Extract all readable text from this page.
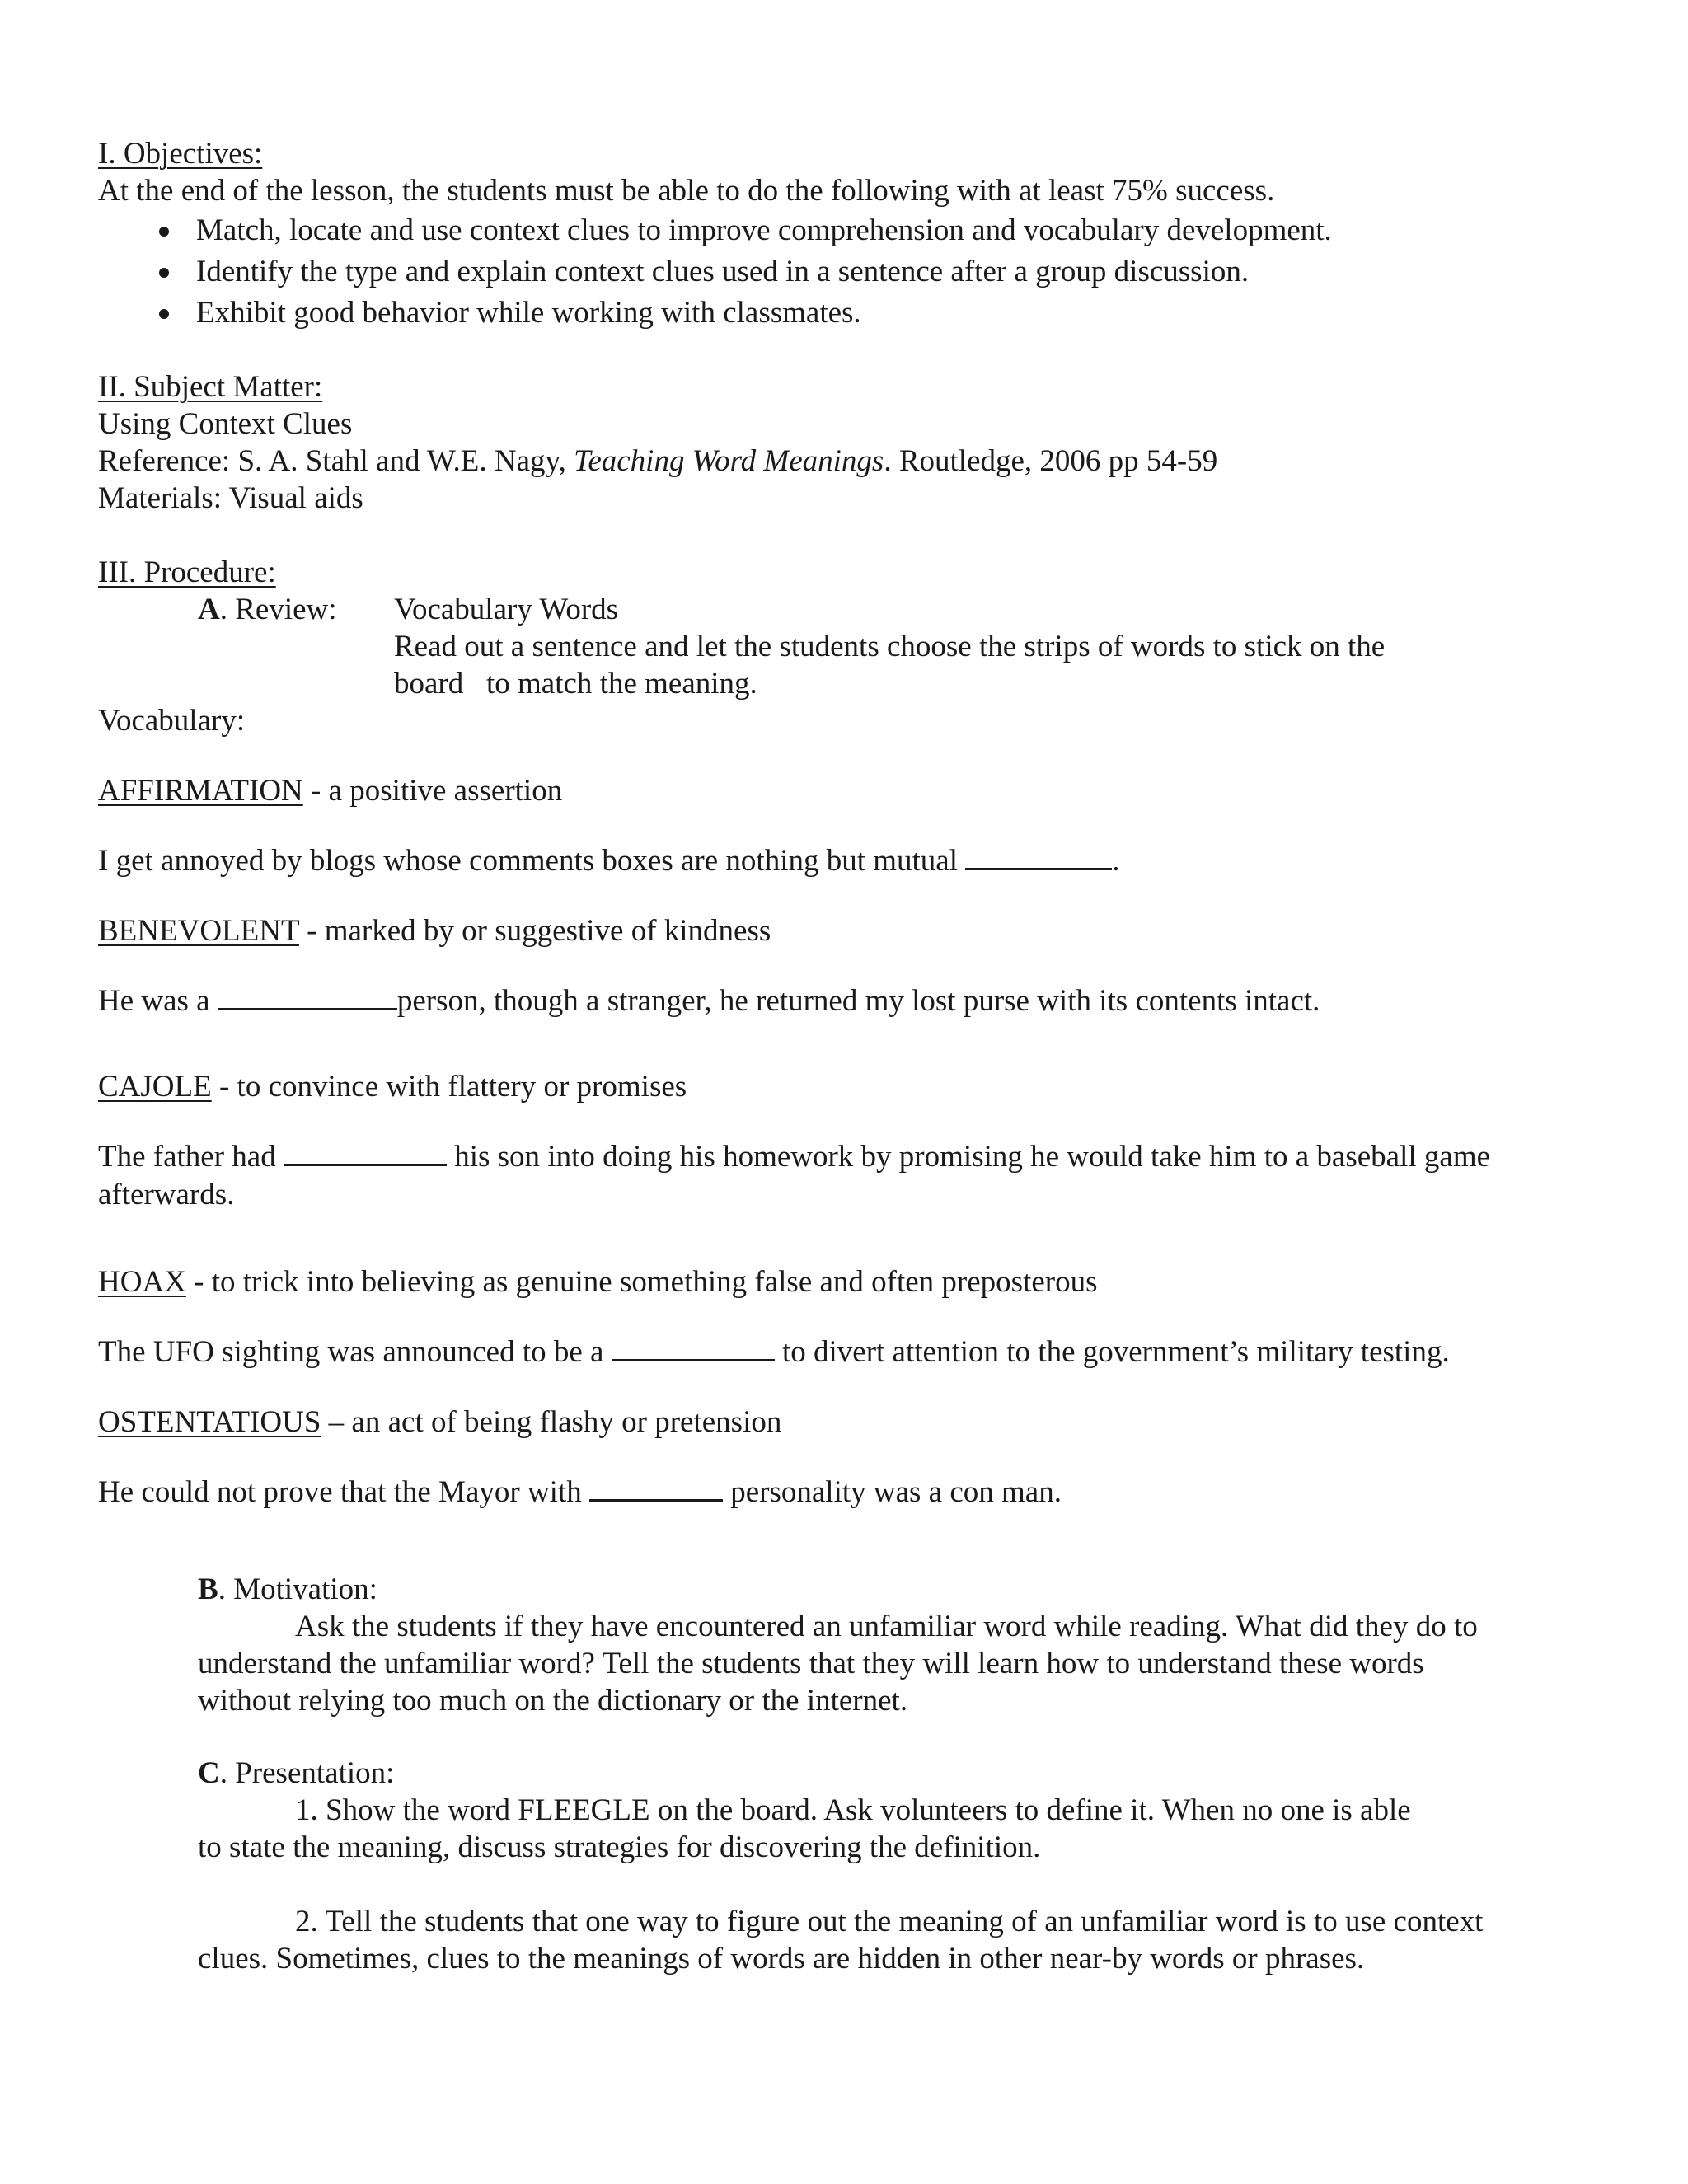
I. Objectives:
At the end of the lesson, the students must be able to do the following with at least 75% success.
Match, locate and use context clues to improve comprehension and vocabulary development.
Identify the type and explain context clues used in a sentence after a group discussion.
Exhibit good behavior while working with classmates.
II. Subject Matter:
Using Context Clues
Reference: S. A. Stahl and W.E. Nagy, Teaching Word Meanings. Routledge, 2006 pp 54-59
Materials: Visual aids
III. Procedure:
A. Review: Vocabulary Words
Read out a sentence and let the students choose the strips of words to stick on the
board   to match the meaning.
Vocabulary:
AFFIRMATION - a positive assertion
I get annoyed by blogs whose comments boxes are nothing but mutual	.
BENEVOLENT - marked by or suggestive of kindness
He was a	person, though a stranger, he returned my lost purse with its contents intact.
CAJOLE - to convince with flattery or promises
The father had	his son into doing his homework by promising he would take him to a baseball game
afterwards.
HOAX - to trick into believing as genuine something false and often preposterous
The UFO sighting was announced to be a	to divert attention to the government’s military testing.
OSTENTATIOUS – an act of being flashy or pretension
He could not prove that the Mayor with	personality was a con man.
B. Motivation:
Ask the students if they have encountered an unfamiliar word while reading. What did they do to
understand the unfamiliar word? Tell the students that they will learn how to understand these words
without relying too much on the dictionary or the internet.
C. Presentation:
1. Show the word FLEEGLE on the board. Ask volunteers to define it. When no one is able
to state the meaning, discuss strategies for discovering the definition.
2. Tell the students that one way to figure out the meaning of an unfamiliar word is to use context
clues. Sometimes, clues to the meanings of words are hidden in other near-by words or phrases.
